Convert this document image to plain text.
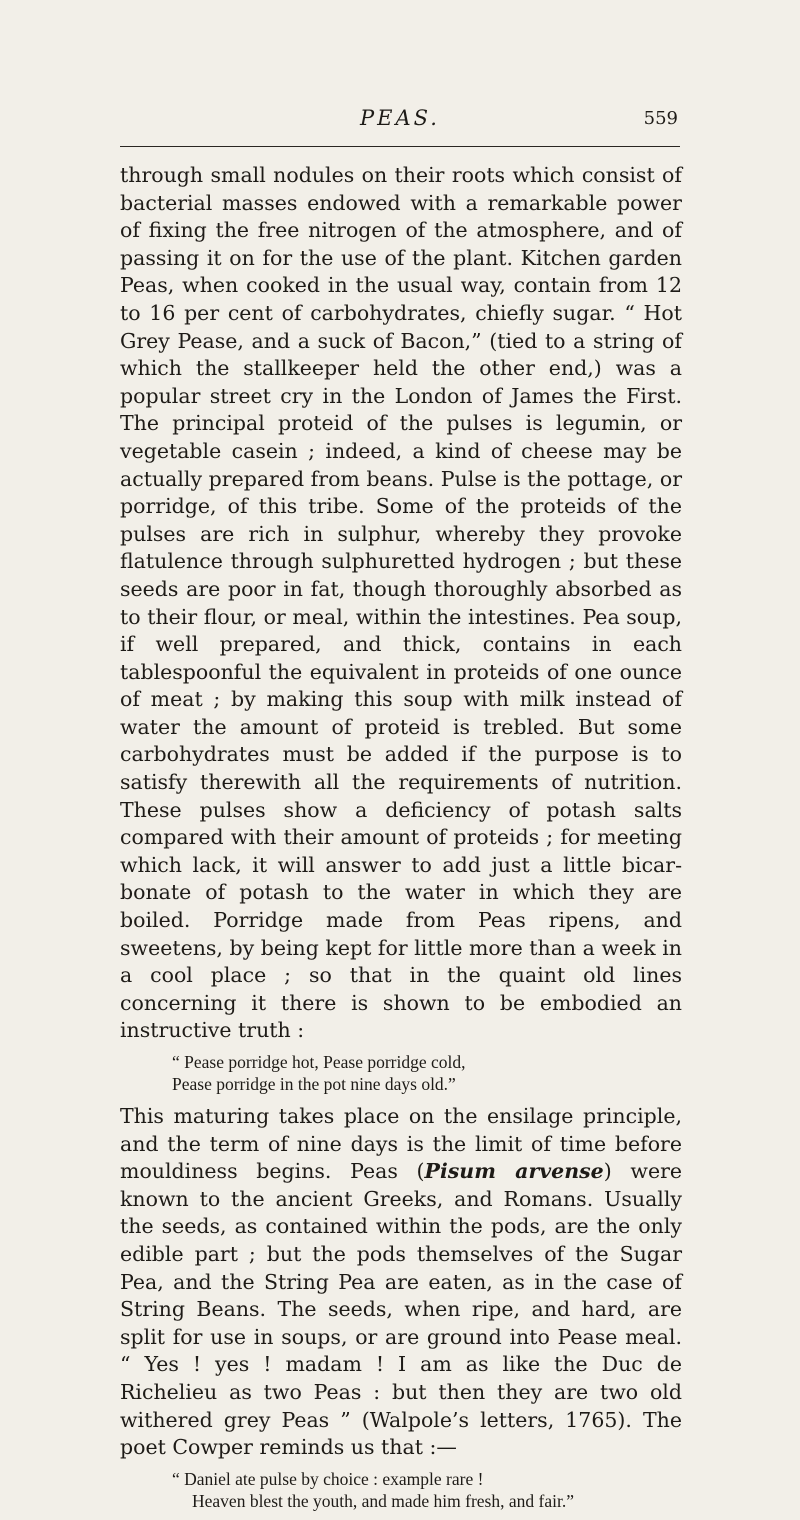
PEAS.	559

through small nodules on their roots which consist of bacterial masses endowed with a remarkable power of fixing the free nitrogen of the atmosphere, and of passing it on for the use of the plant. Kitchen garden Peas, when cooked in the usual way, contain from 12 to 16 per cent of carbohydrates, chiefly sugar. “ Hot Grey Pease, and a suck of Bacon,” (tied to a string of which the stallkeeper held the other end,) was a popular street cry in the London of James the First. The principal proteid of the pulses is legumin, or vegetable casein ; indeed, a kind of cheese may be actually prepared from beans. Pulse is the pottage, or porridge, of this tribe. Some of the proteids of the pulses are rich in sulphur, whereby they provoke flatulence through sulphuretted hydrogen ; but these seeds are poor in fat, though thoroughly absorbed as to their flour, or meal, within the intestines. Pea soup, if well prepared, and thick, contains in each tablespoonful the equivalent in proteids of one ounce of meat ; by making this soup with milk instead of water the amount of proteid is trebled. But some carbohydrates must be added if the purpose is to satisfy therewith all the requirements of nutrition. These pulses show a deficiency of potash salts compared with their amount of proteids ; for meeting which lack, it will answer to add just a little bicar-bonate of potash to the water in which they are boiled. Porridge made from Peas ripens, and sweetens, by being kept for little more than a week in a cool place ; so that in the quaint old lines concerning it there is shown to be embodied an instructive truth :

“ Pease porridge hot, Pease porridge cold,
Pease porridge in the pot nine days old.”

This maturing takes place on the ensilage principle, and the term of nine days is the limit of time before mouldiness begins. Peas (Pisum arvense) were known to the ancient Greeks, and Romans. Usually the seeds, as contained within the pods, are the only edible part ; but the pods themselves of the Sugar Pea, and the String Pea are eaten, as in the case of String Beans. The seeds, when ripe, and hard, are split for use in soups, or are ground into Pease meal. “ Yes ! yes ! madam ! I am as like the Duc de Richelieu as two Peas : but then they are two old withered grey Peas ” (Walpole’s letters, 1765). The poet Cowper reminds us that :—

“ Daniel ate pulse by choice : example rare !
Heaven blest the youth, and made him fresh, and fair.”
